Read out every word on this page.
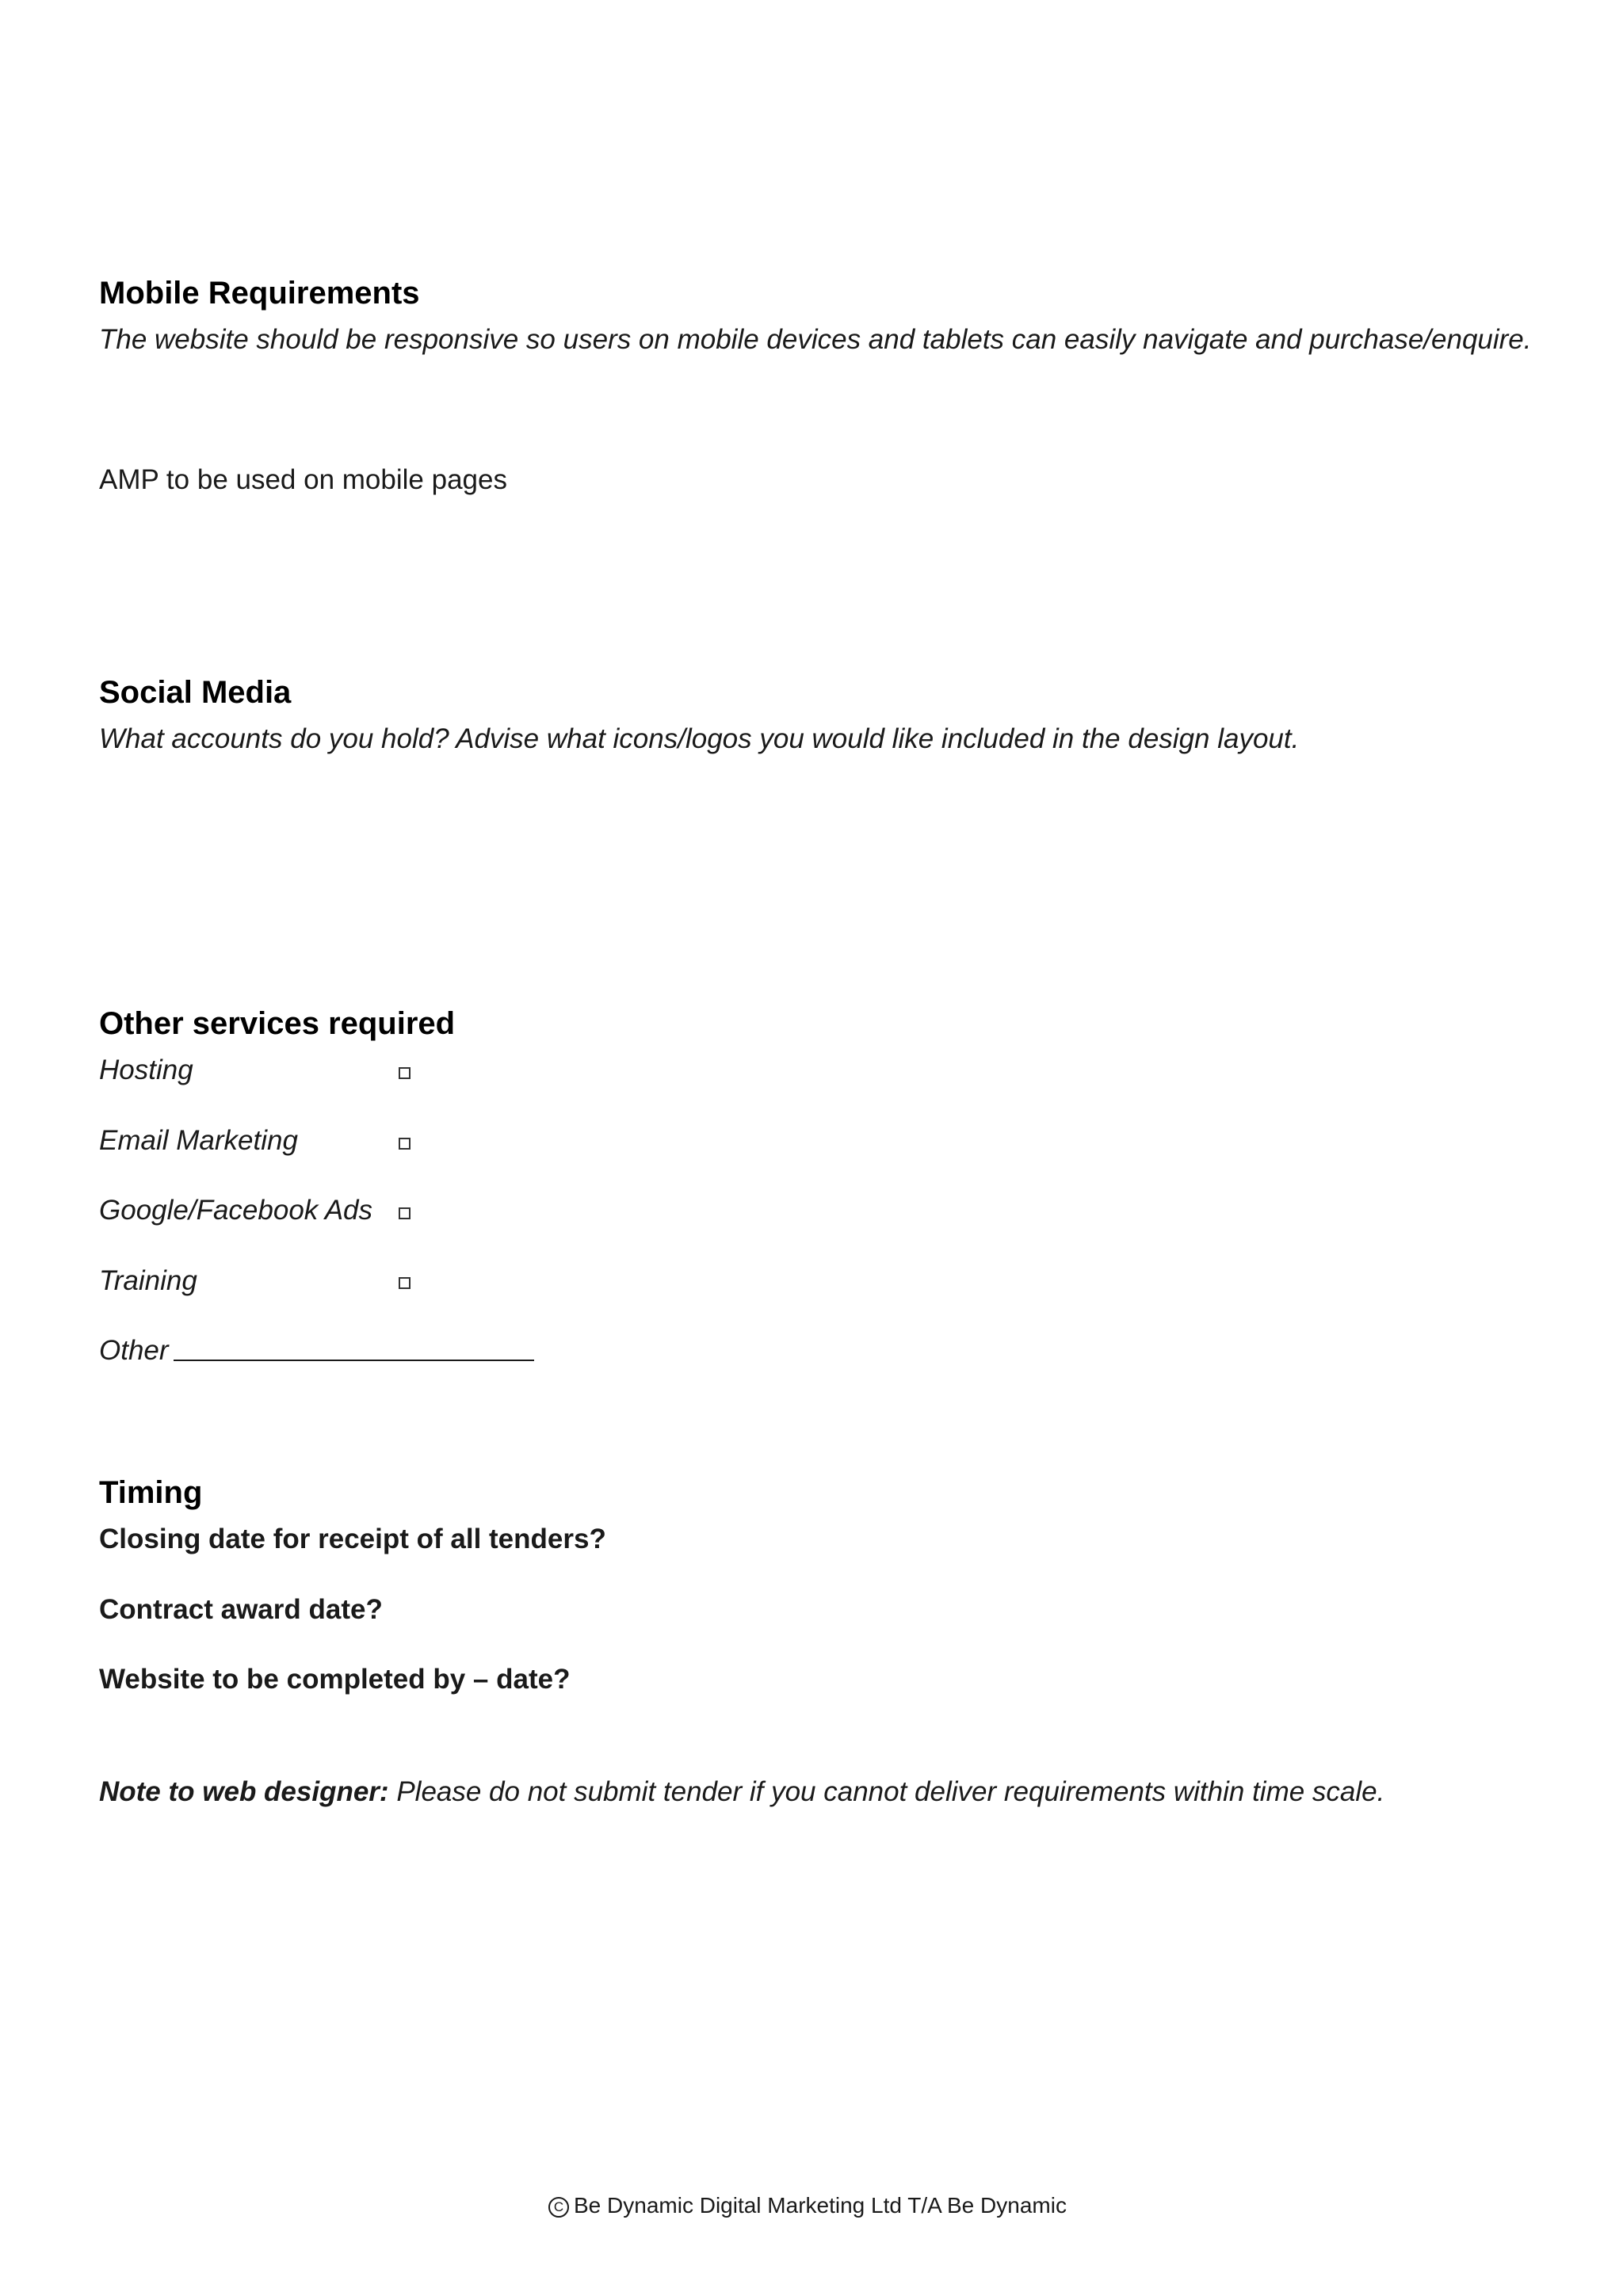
Mobile Requirements
The website should be responsive so users on mobile devices and tablets can easily navigate and purchase/enquire.
AMP to be used on mobile pages
Social Media
What accounts do you hold? Advise what icons/logos you would like included in the design layout.
Other services required
Hosting
Email Marketing
Google/Facebook Ads
Training
Other
Timing
Closing date for receipt of all tenders?
Contract award date?
Website to be completed by – date?
Note to web designer: Please do not submit tender if you cannot deliver requirements within time scale.
C Be Dynamic Digital Marketing Ltd T/A Be Dynamic
